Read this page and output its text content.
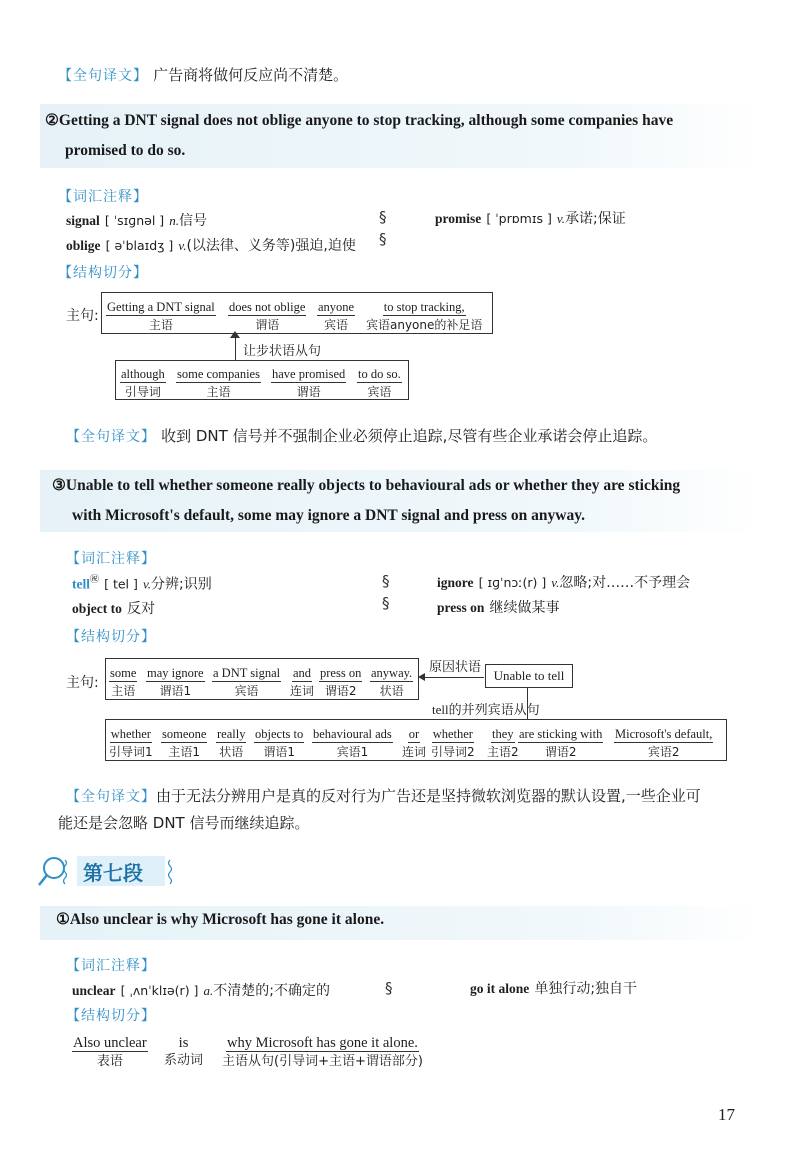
【全句译文】 广告商将做何反应尚不清楚。
②Getting a DNT signal does not oblige anyone to stop tracking, although some companies have
promised to do so.
【词汇注释】
signal [ ˈsɪɡnəl ] n.信号
oblige [ əˈblaɪdʒ ] v.(以法律、义务等)强迫,迫使
§
§
promise [ ˈprɒmɪs ] v.承诺;保证
【结构切分】
主句:
Getting a DNT signal
主语
does not oblige
谓语
anyone
宾语
to stop tracking,
宾语anyone的补足语
让步状语从句
although
引导词
some companies
主语
have promised
谓语
to do so.
宾语
【全句译文】 收到 DNT 信号并不强制企业必须停止追踪,尽管有些企业承诺会停止追踪。
③Unable to tell whether someone really objects to behavioural ads or whether they are sticking
with Microsoft's default, some may ignore a DNT signal and press on anyway.
【词汇注释】
tell㊗ [ tel ] v.分辨;识别
object to 反对
§
§
ignore [ ɪɡˈnɔː(r) ] v.忽略;对……不予理会
press on 继续做某事
【结构切分】
主句:
some
主语
may ignore
谓语1
a DNT signal
宾语
and
连词
press on
谓语2
anyway.
状语
原因状语
Unable to tell
tell的并列宾语从句
whether
引导词1
someone
主语1
really
状语
objects to
谓语1
behavioural ads
宾语1
or
连词
whether
引导词2
they
主语2
are sticking with
谓语2
Microsoft's default,
宾语2
【全句译文】由于无法分辨用户是真的反对行为广告还是坚持微软浏览器的默认设置,一些企业可
能还是会忽略 DNT 信号而继续追踪。
第七段
①Also unclear is why Microsoft has gone it alone.
【词汇注释】
unclear [ ˌʌnˈklɪə(r) ] a.不清楚的;不确定的	§	go it alone 单独行动;独自干
【结构切分】
Also unclear
表语
is
系动词
why Microsoft has gone it alone.
主语从句(引导词+主语+谓语部分)
17
